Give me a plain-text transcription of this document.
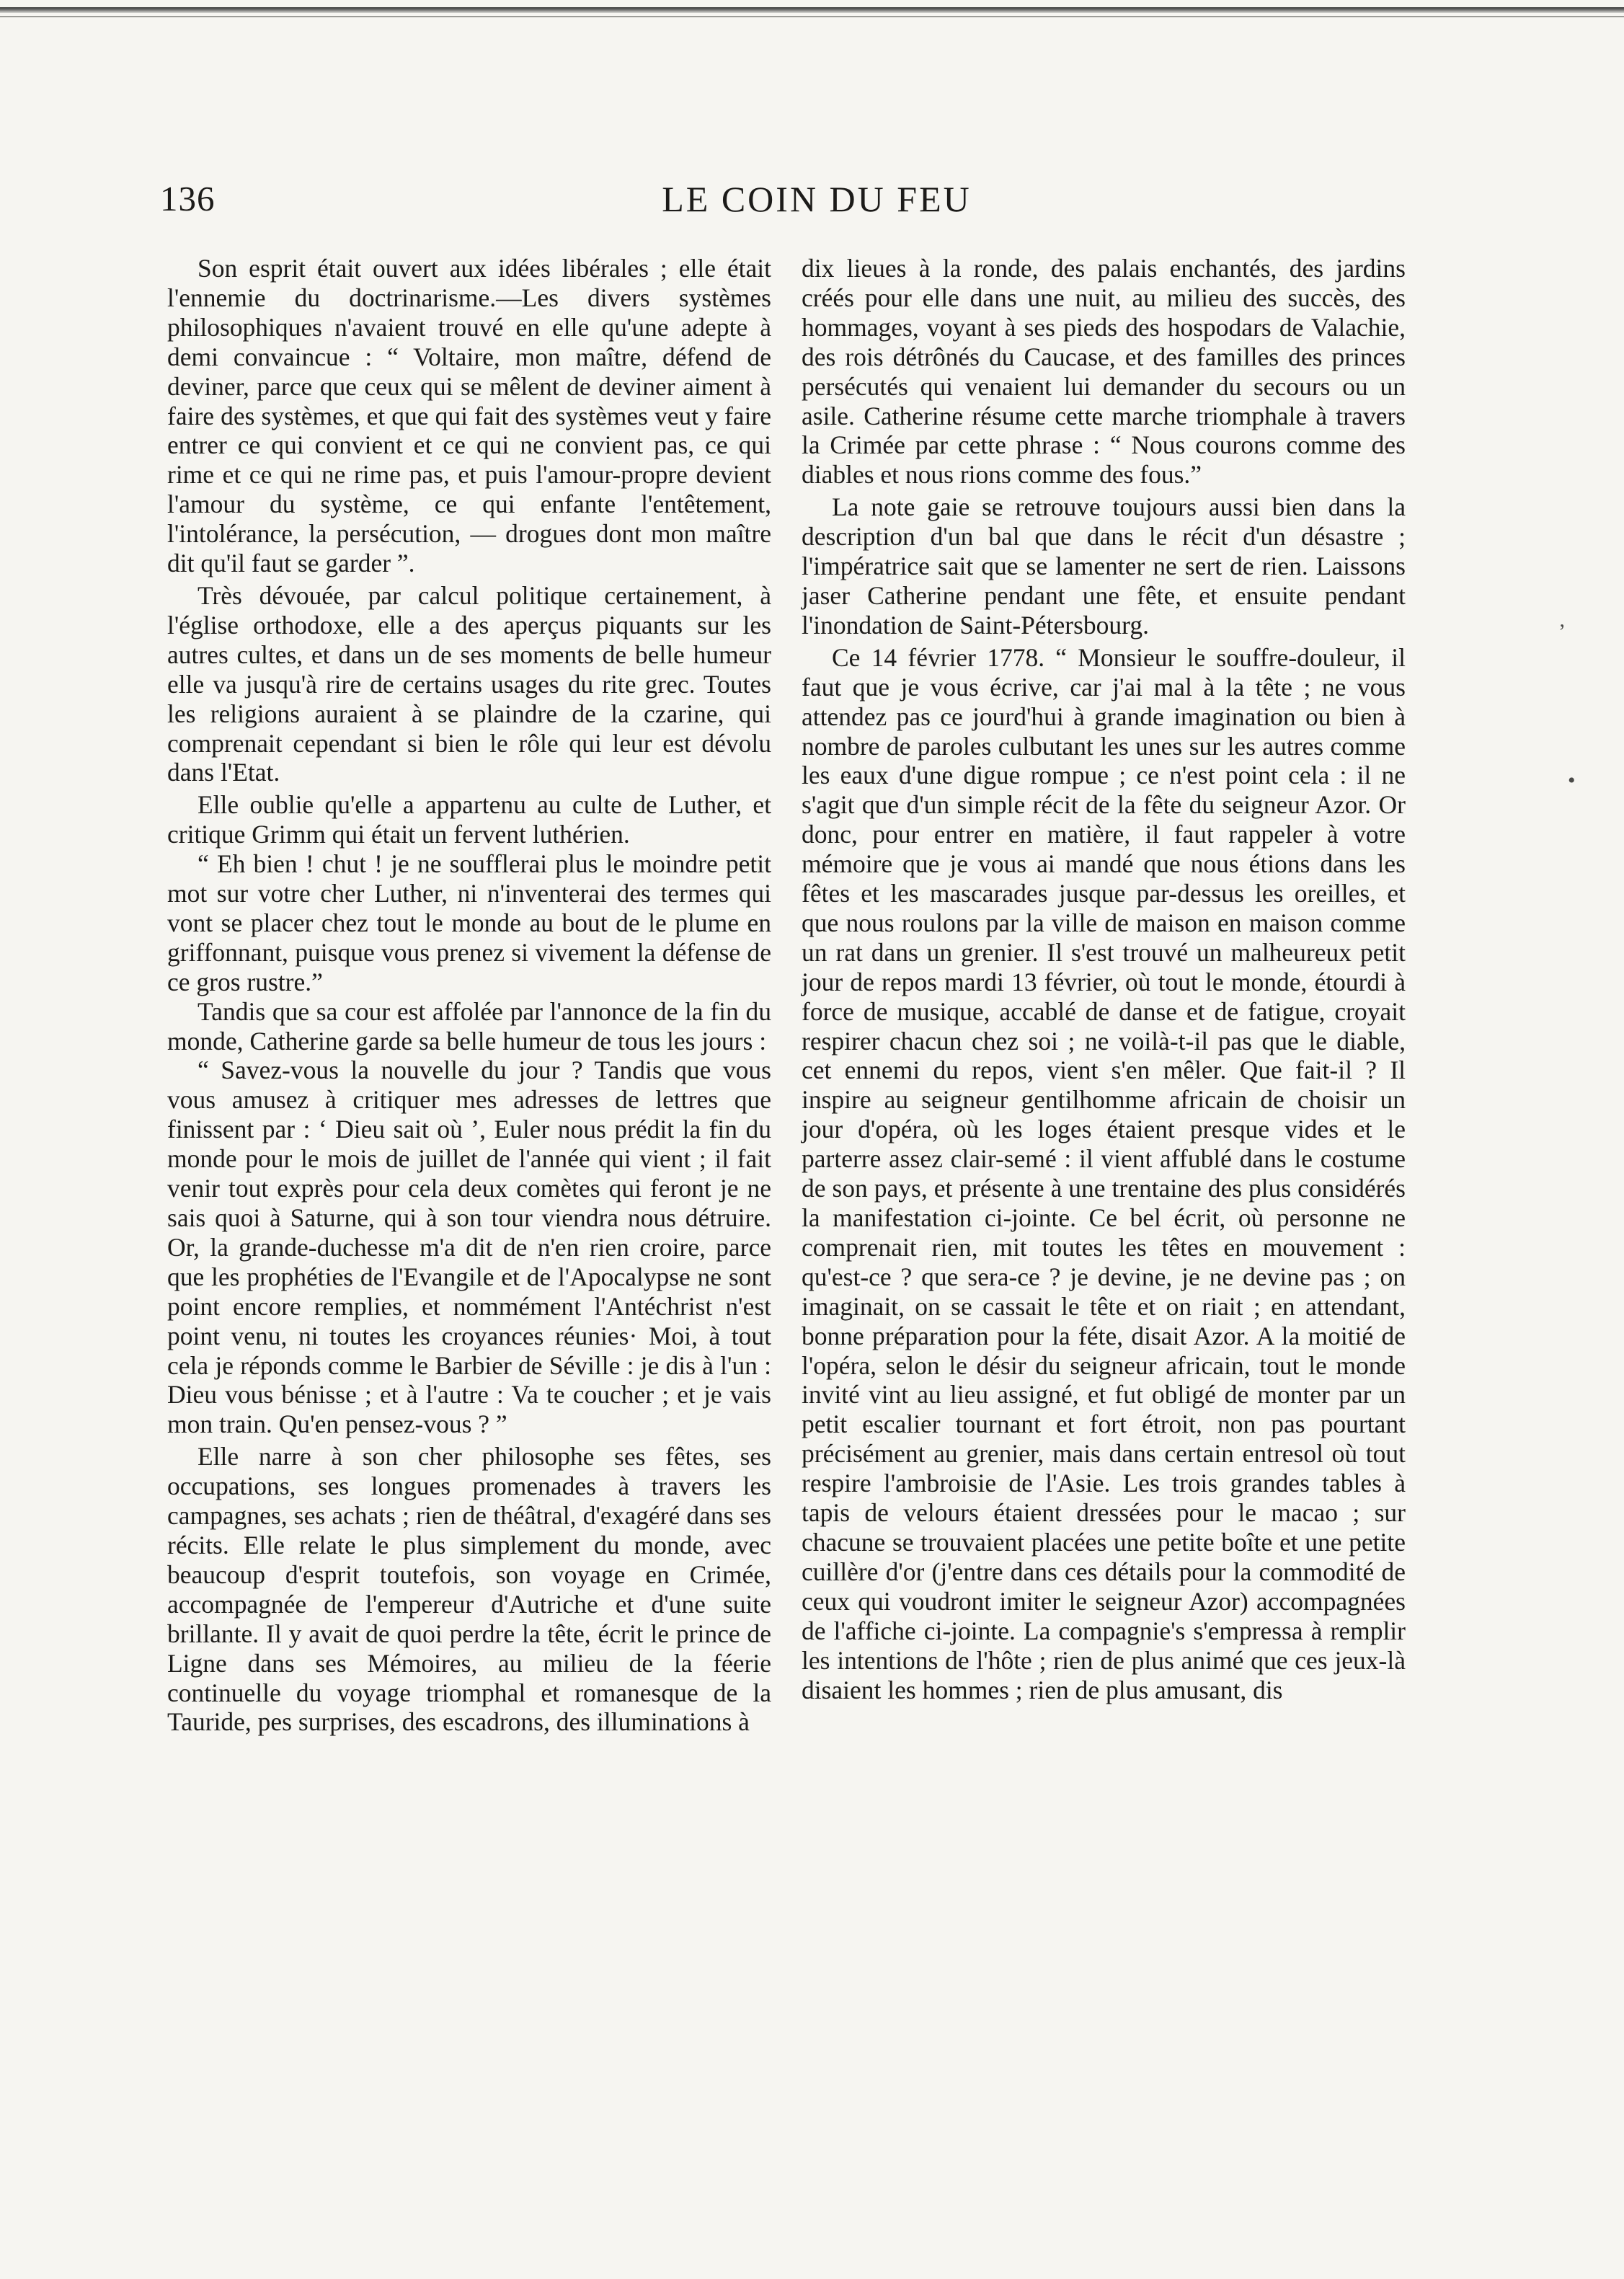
136	LE COIN DU FEU

Son esprit était ouvert aux idées libérales ; elle était l'ennemie du doctrinarisme.—Les divers systèmes philosophiques n'avaient trouvé en elle qu'une adepte à demi convaincue : “ Voltaire, mon maître, défend de deviner, parce que ceux qui se mêlent de deviner aiment à faire des systèmes, et que qui fait des systèmes veut y faire entrer ce qui convient et ce qui ne convient pas, ce qui rime et ce qui ne rime pas, et puis l'amour-propre devient l'amour du système, ce qui enfante l'entêtement, l'intolérance, la persécution, — drogues dont mon maître dit qu'il faut se garder ”.

Très dévouée, par calcul politique certainement, à l'église orthodoxe, elle a des aperçus piquants sur les autres cultes, et dans un de ses moments de belle humeur elle va jusqu'à rire de certains usages du rite grec. Toutes les religions auraient à se plaindre de la czarine, qui comprenait cependant si bien le rôle qui leur est dévolu dans l'Etat.

Elle oublie qu'elle a appartenu au culte de Luther, et critique Grimm qui était un fervent luthérien.

“ Eh bien ! chut ! je ne soufflerai plus le moindre petit mot sur votre cher Luther, ni n'inventerai des termes qui vont se placer chez tout le monde au bout de le plume en griffonnant, puisque vous prenez si vivement la défense de ce gros rustre.”

Tandis que sa cour est affolée par l'annonce de la fin du monde, Catherine garde sa belle humeur de tous les jours :

“ Savez-vous la nouvelle du jour ? Tandis que vous vous amusez à critiquer mes adresses de lettres que finissent par : ‘ Dieu sait où ’, Euler nous prédit la fin du monde pour le mois de juillet de l'année qui vient ; il fait venir tout exprès pour cela deux comètes qui feront je ne sais quoi à Saturne, qui à son tour viendra nous détruire. Or, la grande-duchesse m'a dit de n'en rien croire, parce que les prophéties de l'Evangile et de l'Apocalypse ne sont point encore remplies, et nommément l'Antéchrist n'est point venu, ni toutes les croyances réunies· Moi, à tout cela je réponds comme le Barbier de Séville : je dis à l'un : Dieu vous bénisse ; et à l'autre : Va te coucher ; et je vais mon train. Qu'en pensez-vous ? ”

Elle narre à son cher philosophe ses fêtes, ses occupations, ses longues promenades à travers les campagnes, ses achats ; rien de théâtral, d'exagéré dans ses récits. Elle relate le plus simplement du monde, avec beaucoup d'esprit toutefois, son voyage en Crimée, accompagnée de l'empereur d'Autriche et d'une suite brillante. Il y avait de quoi perdre la tête, écrit le prince de Ligne dans ses Mémoires, au milieu de la féerie continuelle du voyage triomphal et romanesque de la Tauride, pes surprises, des escadrons, des illuminations à

dix lieues à la ronde, des palais enchantés, des jardins créés pour elle dans une nuit, au milieu des succès, des hommages, voyant à ses pieds des hospodars de Valachie, des rois détrônés du Caucase, et des familles des princes persécutés qui venaient lui demander du secours ou un asile. Catherine résume cette marche triomphale à travers la Crimée par cette phrase : “ Nous courons comme des diables et nous rions comme des fous.”

La note gaie se retrouve toujours aussi bien dans la description d'un bal que dans le récit d'un désastre ; l'impératrice sait que se lamenter ne sert de rien. Laissons jaser Catherine pendant une fête, et ensuite pendant l'inondation de Saint-Pétersbourg.

Ce 14 février 1778. “ Monsieur le souffre-douleur, il faut que je vous écrive, car j'ai mal à la tête ; ne vous attendez pas ce jourd'hui à grande imagination ou bien à nombre de paroles culbutant les unes sur les autres comme les eaux d'une digue rompue ; ce n'est point cela : il ne s'agit que d'un simple récit de la fête du seigneur Azor. Or donc, pour entrer en matière, il faut rappeler à votre mémoire que je vous ai mandé que nous étions dans les fêtes et les mascarades jusque par-dessus les oreilles, et que nous roulons par la ville de maison en maison comme un rat dans un grenier. Il s'est trouvé un malheureux petit jour de repos mardi 13 février, où tout le monde, étourdi à force de musique, accablé de danse et de fatigue, croyait respirer chacun chez soi ; ne voilà-t-il pas que le diable, cet ennemi du repos, vient s'en mêler. Que fait-il ? Il inspire au seigneur gentilhomme africain de choisir un jour d'opéra, où les loges étaient presque vides et le parterre assez clair-semé : il vient affublé dans le costume de son pays, et présente à une trentaine des plus considérés la manifestation ci-jointe. Ce bel écrit, où personne ne comprenait rien, mit toutes les têtes en mouvement : qu'est-ce ? que sera-ce ? je devine, je ne devine pas ; on imaginait, on se cassait le tête et on riait ; en attendant, bonne préparation pour la féte, disait Azor. A la moitié de l'opéra, selon le désir du seigneur africain, tout le monde invité vint au lieu assigné, et fut obligé de monter par un petit escalier tournant et fort étroit, non pas pourtant précisément au grenier, mais dans certain entresol où tout respire l'ambroisie de l'Asie. Les trois grandes tables à tapis de velours étaient dressées pour le macao ; sur chacune se trouvaient placées une petite boîte et une petite cuillère d'or (j'entre dans ces détails pour la commodité de ceux qui voudront imiter le seigneur Azor) accompagnées de l'affiche ci-jointe. La compagnie's s'empressa à remplir les intentions de l'hôte ; rien de plus animé que ces jeux-là disaient les hommes ; rien de plus amusant, dis

ʼ
•
